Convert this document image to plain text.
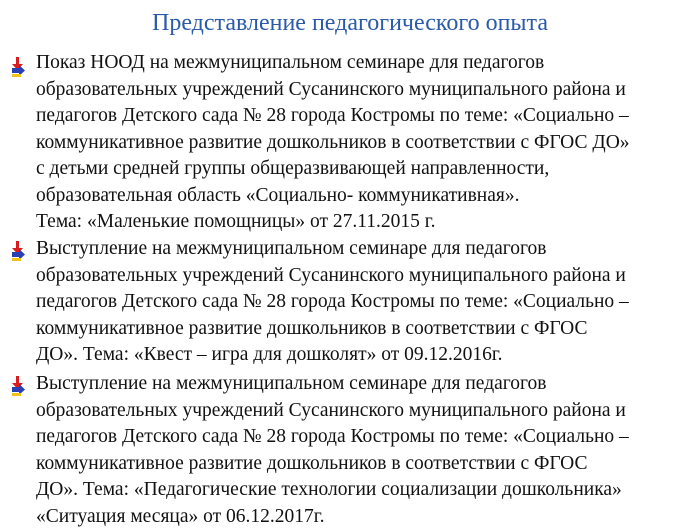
Представление педагогического опыта
Показ НООД на межмуниципальном семинаре для педагогов
образовательных учреждений Сусанинского муниципального района и
педагогов Детского сада № 28 города Костромы по теме: «Социально –
коммуникативное развитие дошкольников в соответствии с ФГОС ДО»
с детьми средней группы общеразвивающей направленности,
образовательная область «Социально- коммуникативная».
Тема: «Маленькие помощницы» от 27.11.2015 г.
Выступление на межмуниципальном семинаре для педагогов
образовательных учреждений Сусанинского муниципального района и
педагогов Детского сада № 28 города Костромы по теме: «Социально –
коммуникативное развитие дошкольников в соответствии с ФГОС
ДО». Тема: «Квест – игра для дошколят» от 09.12.2016г.
Выступление на межмуниципальном семинаре для педагогов
образовательных учреждений Сусанинского муниципального района и
педагогов Детского сада № 28 города Костромы по теме: «Социально –
коммуникативное развитие дошкольников в соответствии с ФГОС
ДО». Тема: «Педагогические технологии социализации дошкольника»
«Ситуация месяца» от 06.12.2017г.
